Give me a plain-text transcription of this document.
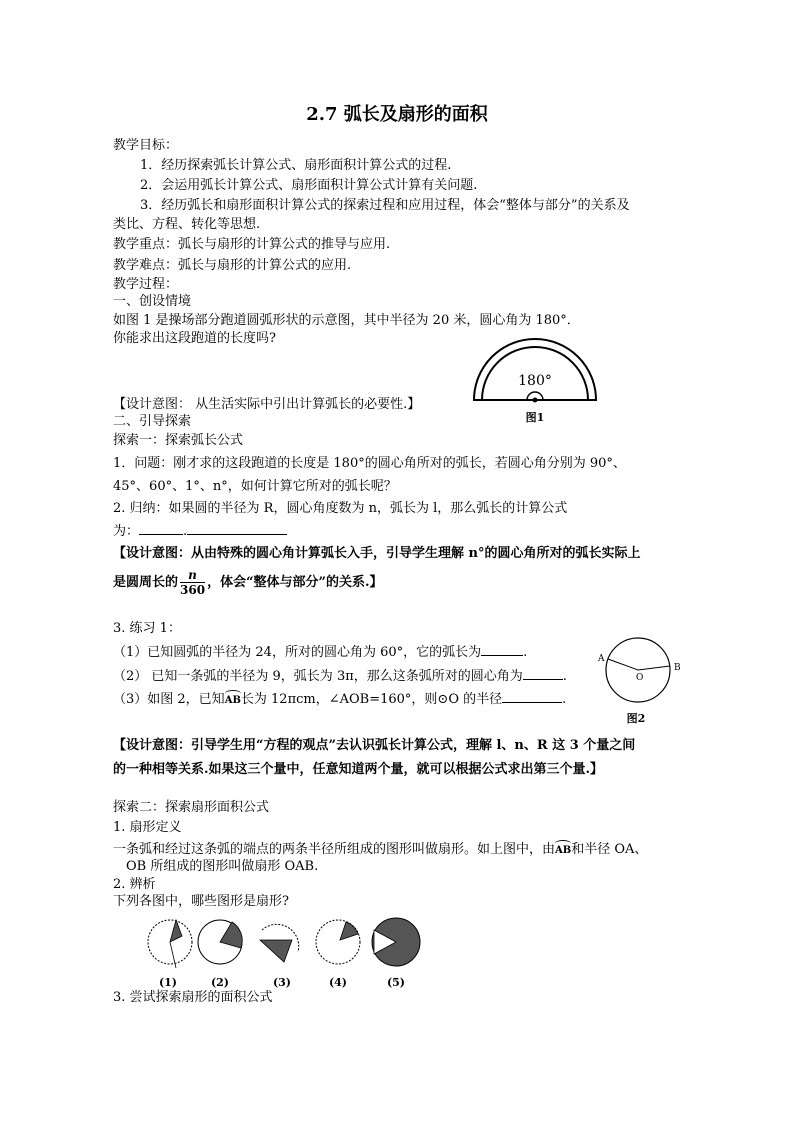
2.7 弧长及扇形的面积
教学目标：
1．经历探索弧长计算公式、扇形面积计算公式的过程.
2．会运用弧长计算公式、扇形面积计算公式计算有关问题.
3．经历弧长和扇形面积计算公式的探索过程和应用过程，体会“整体与部分”的关系及
类比、方程、转化等思想.
教学重点：弧长与扇形的计算公式的推导与应用.
教学难点：弧长与扇形的计算公式的应用.
教学过程：
一、创设情境
如图 1 是操场部分跑道圆弧形状的示意图，其中半径为 20 米，圆心角为 180°．
你能求出这段跑道的长度吗?
【设计意图： 从生活实际中引出计算弧长的必要性.】
180°
图1
二、引导探索
探索一：探索弧长公式
1．问题：刚才求的这段跑道的长度是 180°的圆心角所对的弧长，若圆心角分别为 90°、
45°、60°、1°、n°，如何计算它所对的弧长呢？
2. 归纳：如果圆的半径为 R，圆心角度数为 n，弧长为 l，那么弧长的计算公式
为：	.
【设计意图：从由特殊的圆心角计算弧长入手，引导学生理解 n°的圆心角所对的弧长实际上
是圆周长的 $\frac{n}{360}$ ，体会“整体与部分”的关系.】
3. 练习 1：
（1）已知圆弧的半径为 24，所对的圆心角为 60°，它的弧长为	.
（2） 已知一条弧的半径为 9，弧长为 3π，那么这条弧所对的圆心角为	.
（3）如图 2，已知AB长为 12πcm，∠AOB=160°，则⊙O 的半径	.
A
B
O
图2
【设计意图：引导学生用“方程的观点”去认识弧长计算公式，理解 l、n、R 这 3 个量之间
的一种相等关系.如果这三个量中，任意知道两个量，就可以根据公式求出第三个量.】
探索二：探索扇形面积公式
1. 扇形定义
一条弧和经过这条弧的端点的两条半径所组成的图形叫做扇形。如上图中，由AB和半径 OA、
OB 所组成的图形叫做扇形 OAB.
2. 辨析
下列各图中，哪些图形是扇形?
(1)	(2)	(3)	(4)	(5)
3. 尝试探索扇形的面积公式
